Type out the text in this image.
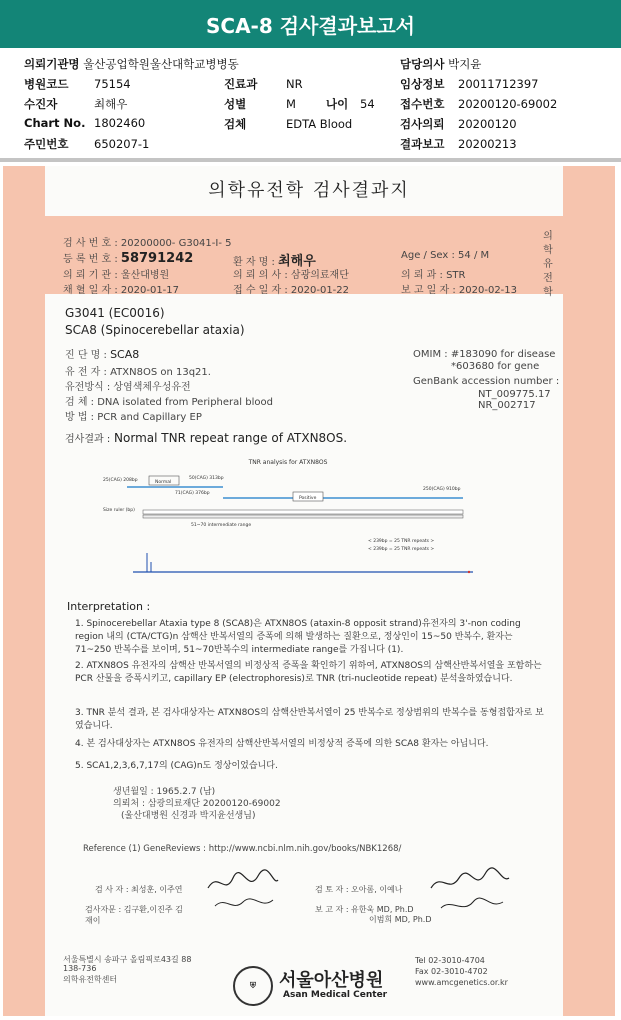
SCA-8 검사결과보고서
의뢰기관명 울산공업학원울산대학교병병동	담당의사 박지윤
병원코드 75154	진료과 NR	임상정보 20011712397
수진자	최해우	성별	M	나이 54 접수번호 20200120-69002
Chart No. 1802460	검체	EDTA Blood	검사의뢰 20200120
주민번호 650207-1	결과보고 20200213
의학유전학 검사결과지
검 사 번 호 : 20200000- G3041-I- 5
등 록 번 호 : 58791242	환 자 명 : 최해우	Age / Sex : 54 / M
의 뢰 기 관 : 울산대병원	의 뢰 의 사 : 삼광의료재단	의 뢰 과 : STR
채 혈 일 자 : 2020-01-17	접 수 일 자 : 2020-01-22	보 고 일 자 : 2020-02-13
의학유전학
G3041 (EC0016)
SCA8 (Spinocerebellar ataxia)
진 단 명 : SCA8
유 전 자 : ATXN8OS on 13q21.
유전방식 : 상염색체우성유전
검 체 : DNA isolated from Peripheral blood
방 법 : PCR and Capillary EP
OMIM : #183090 for disease
*603680 for gene
GenBank accession number :
NT_009775.17
NR_002717
검사결과 : Normal TNR repeat range of ATXN8OS.
TNR analysis for ATXN8OS
25(CAG) 208bp	Normal
50(CAG) 313bp
71(CAG) 376bp
Positive
250(CAG) 910bp
Size ruler (bp)
51~70 intermediate range
< 239bp = 25 TNR repeats >
< 239bp = 25 TNR repeats >
Interpretation :
1. Spinocerebellar Ataxia type 8 (SCA8)은 ATXN8OS (ataxin-8 opposit strand)유전자의 3'-non coding region 내의 (CTA/CTG)n 삼핵산 반복서열의 증폭에 의해 발생하는 질환으로, 정상인이 15~50 반복수, 환자는 71~250 반복수를 보이며, 51~70반복수의 intermediate range를 가집니다 (1).
2. ATXN8OS 유전자의 삼핵산 반복서열의 비정상적 증폭을 확인하기 위하여, ATXN8OS의 삼핵산반복서열을 포함하는 PCR 산물을 증폭시키고, capillary EP (electrophoresis)로 TNR (tri-nucleotide repeat) 분석을하였습니다.
3. TNR 분석 결과, 본 검사대상자는 ATXN8OS의 삼핵산반복서열이 25 반복수로 정상범위의 반복수를 동형접합자로 보였습니다.
4. 본 검사대상자는 ATXN8OS 유전자의 삼핵산반복서열의 비정상적 증폭에 의한 SCA8 환자는 아닙니다.
5. SCA1,2,3,6,7,17의 (CAG)n도 정상이었습니다.
생년월일 : 1965.2.7 (남)
의뢰처 : 삼광의료재단 20200120-69002
(울산대병원 신경과 박지윤선생님)
Reference (1) GeneReviews : http://www.ncbi.nlm.nih.gov/books/NBK1268/
검 사 자 : 최성훈, 이주연
검사자문 : 김구환,이진주 김재이
검 토 자 : 오아롬, 이예나
보 고 자 : 유한욱 MD, Ph.D
이범희 MD, Ph.D
서울특별시 송파구 올림픽로43길 88
138-736
의학유전학센터
⛨	서울아산병원
Asan Medical Center
Tel 02-3010-4704
Fax 02-3010-4702
www.amcgenetics.or.kr
